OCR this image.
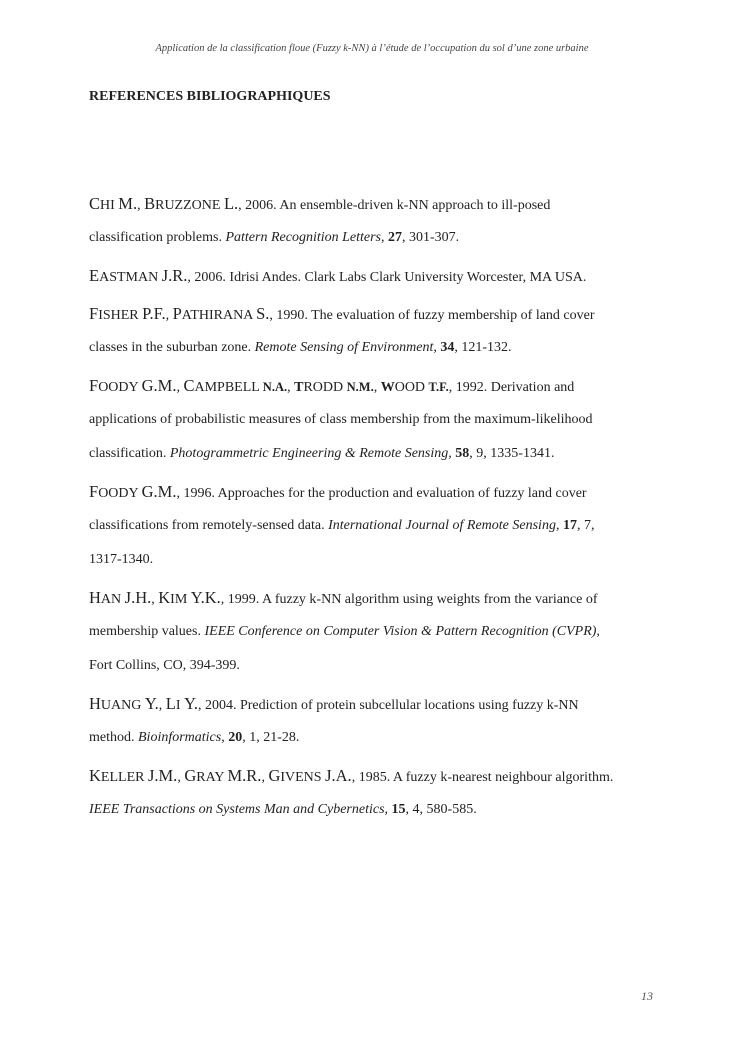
Application de la classification floue (Fuzzy k-NN) à l’étude de l’occupation du sol d’une zone urbaine
REFERENCES BIBLIOGRAPHIQUES
CHI M., BRUZZONE L., 2006. An ensemble-driven k-NN approach to ill-posed
classification problems. Pattern Recognition Letters, 27, 301-307.
EASTMAN J.R., 2006. Idrisi Andes. Clark Labs Clark University Worcester, MA USA.
FISHER P.F., PATHIRANA S., 1990. The evaluation of fuzzy membership of land cover
classes in the suburban zone. Remote Sensing of Environment, 34, 121-132.
FOODY G.M., CAMPBELL N.A., TRODD N.M., WOOD T.F., 1992. Derivation and
applications of probabilistic measures of class membership from the maximum-likelihood
classification. Photogrammetric Engineering & Remote Sensing, 58, 9, 1335-1341.
FOODY G.M., 1996. Approaches for the production and evaluation of fuzzy land cover
classifications from remotely-sensed data. International Journal of Remote Sensing, 17, 7,
1317-1340.
HAN J.H., KIM Y.K., 1999. A fuzzy k-NN algorithm using weights from the variance of
membership values. IEEE Conference on Computer Vision & Pattern Recognition (CVPR),
Fort Collins, CO, 394-399.
HUANG Y., LI Y., 2004. Prediction of protein subcellular locations using fuzzy k-NN
method. Bioinformatics, 20, 1, 21-28.
KELLER J.M., GRAY M.R., GIVENS J.A., 1985. A fuzzy k-nearest neighbour algorithm.
IEEE Transactions on Systems Man and Cybernetics, 15, 4, 580-585.
13
